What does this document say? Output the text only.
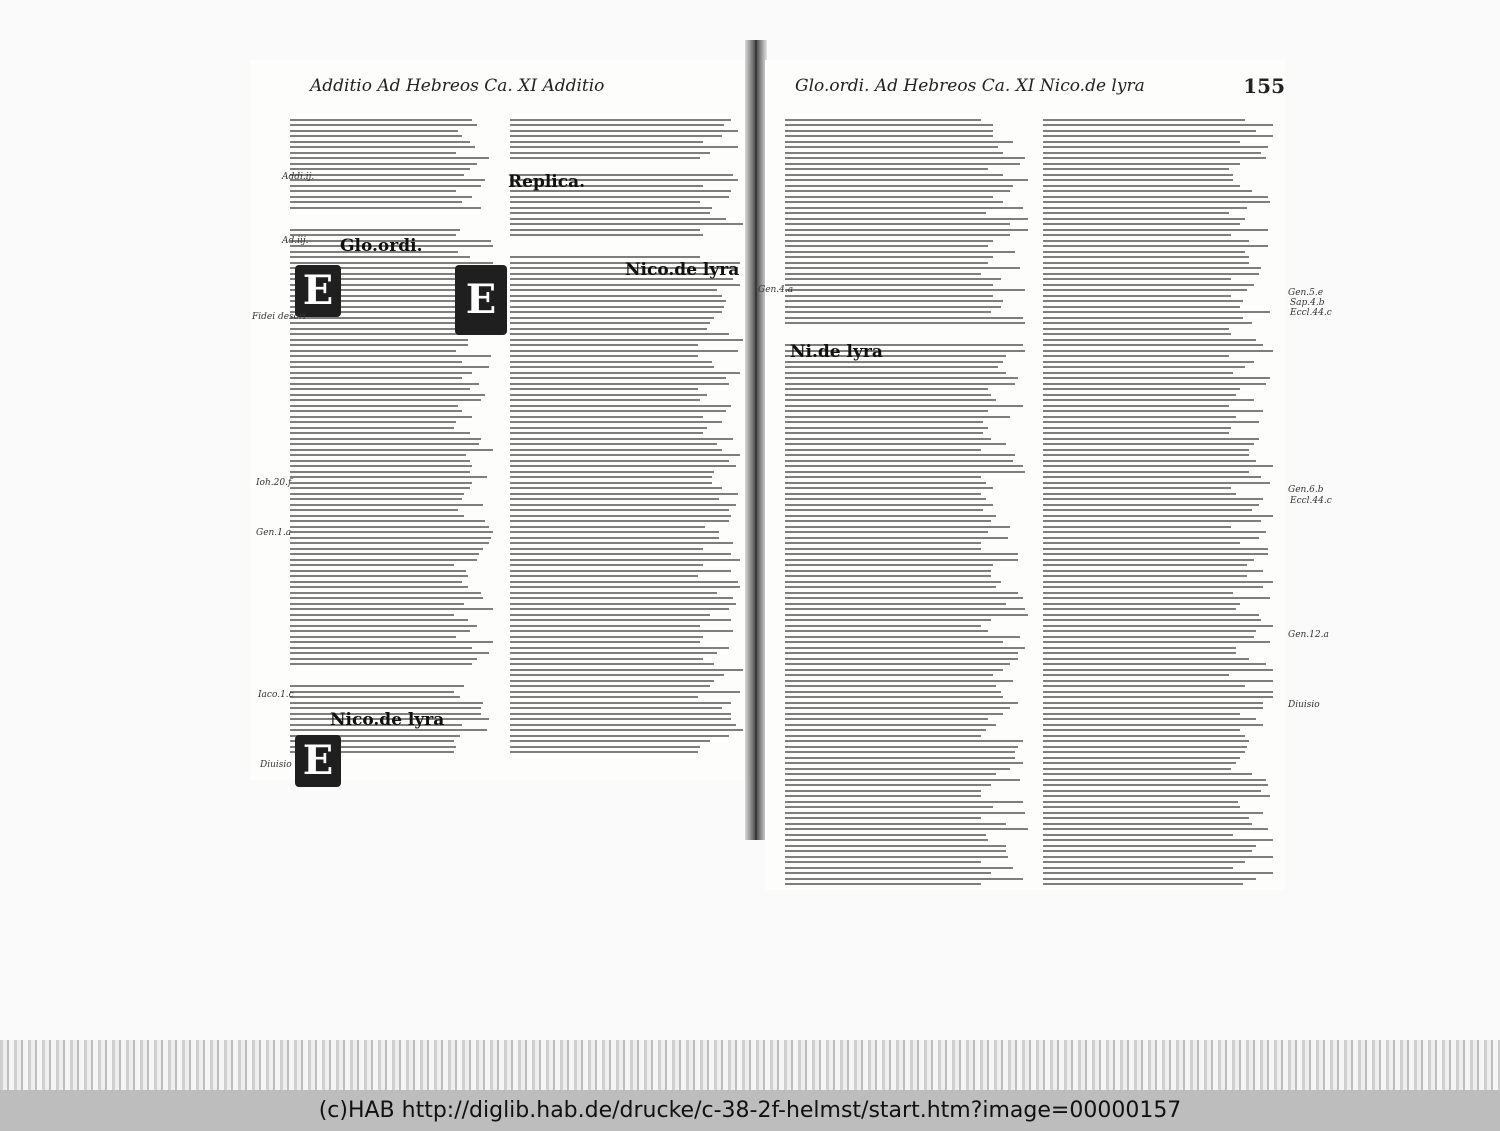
Additio Ad Hebreos Ca. XI Additio
E	E
E
Replica.
Glo.ordi.
Nico.de lyra
Nico.de lyra
Addi.ij.
Ad.iij.
Fidei descri
Ioh.20.f
Gen.1.a
Iaco.1.c
Diuisio
Glo.ordi. Ad Hebreos Ca. XI Nico.de lyra	155
Ni.de lyra
Gen.4.a	Gen.5.e
Sap.4.b
Eccl.44.c
Gen.6.b
Eccl.44.c
Gen.12.a
Diuisio
(c)HAB http://diglib.hab.de/drucke/c-38-2f-helmst/start.htm?image=00000157
